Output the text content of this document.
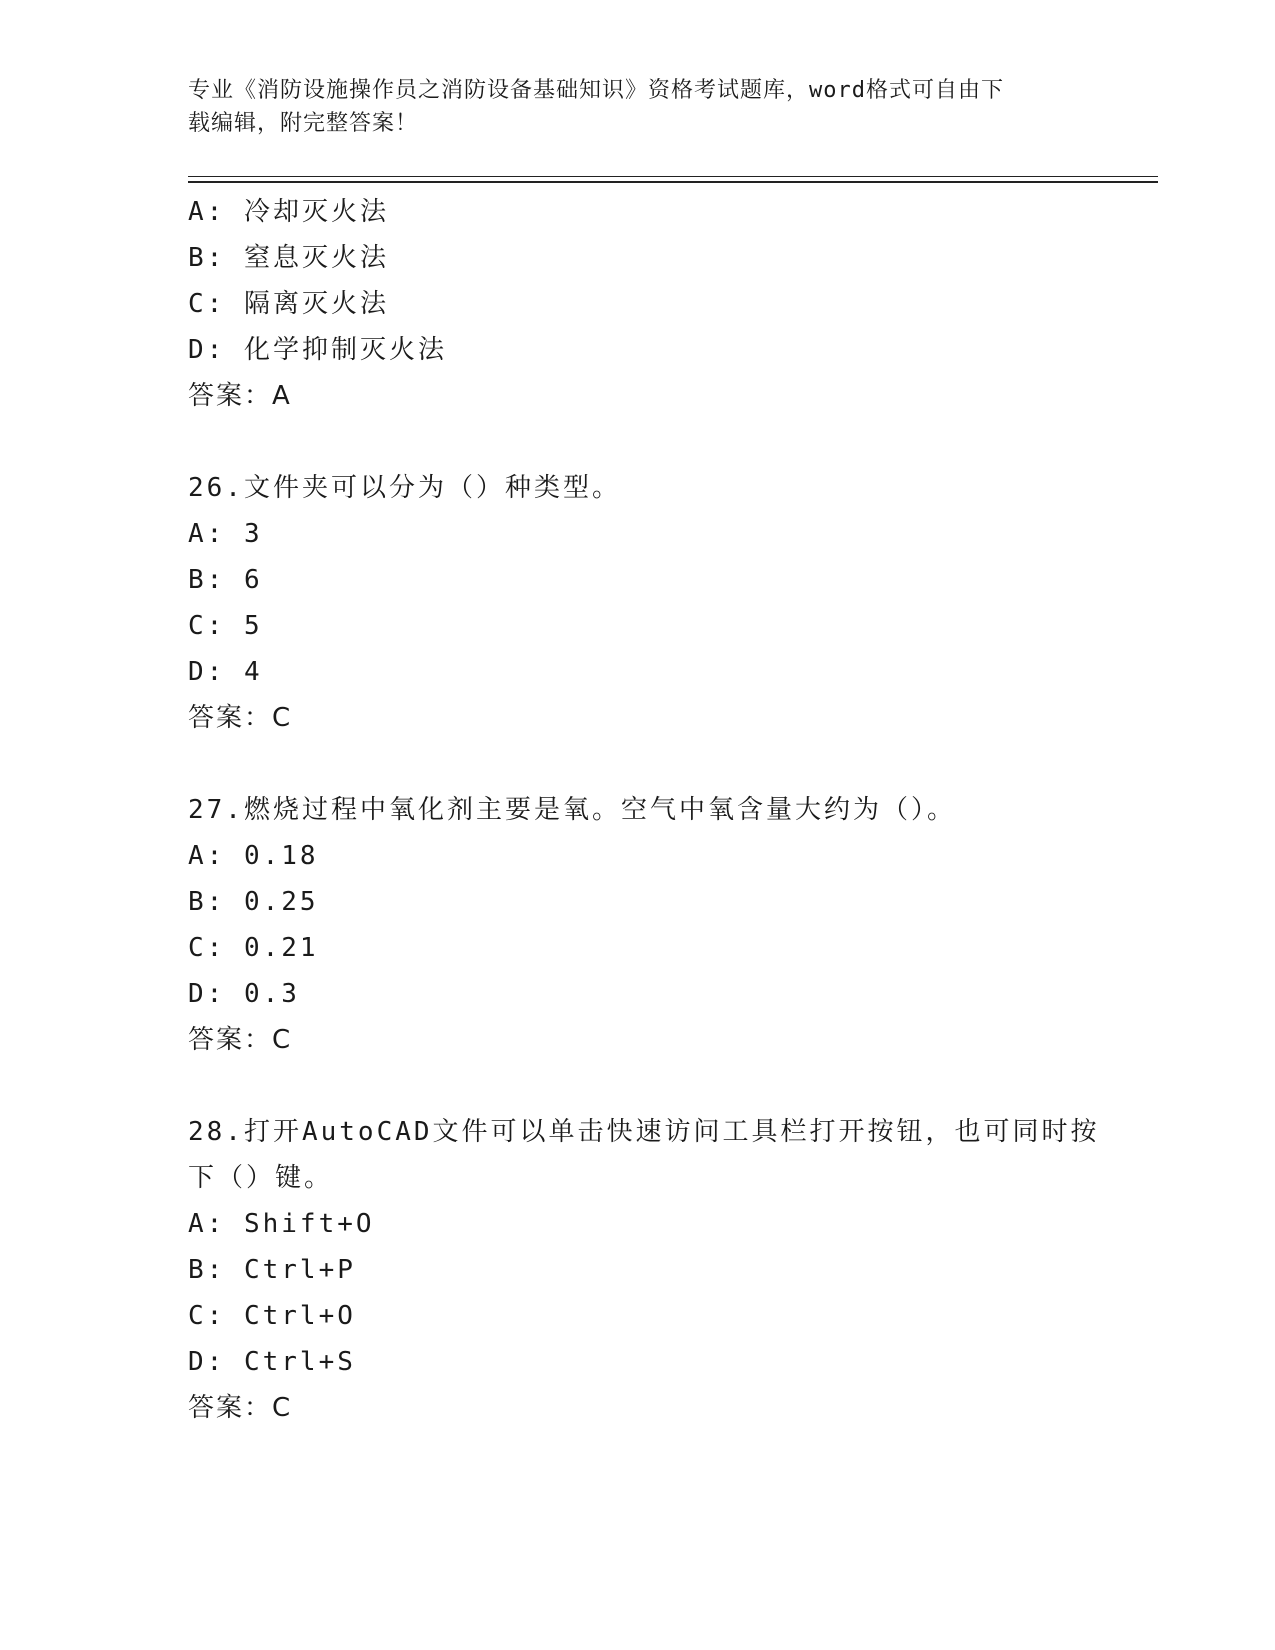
专业《消防设施操作员之消防设备基础知识》资格考试题库，word格式可自由下
载编辑，附完整答案！
A: 冷却灭火法
B: 窒息灭火法
C: 隔离灭火法
D: 化学抑制灭火法
答案：A
26.文件夹可以分为（）种类型。
A: 3
B: 6
C: 5
D: 4
答案：C
27.燃烧过程中氧化剂主要是氧。空气中氧含量大约为（）。
A: 0.18
B: 0.25
C: 0.21
D: 0.3
答案：C
28.打开AutoCAD文件可以单击快速访问工具栏打开按钮，也可同时按
下（）键。
A: Shift+O
B: Ctrl+P
C: Ctrl+O
D: Ctrl+S
答案：C
